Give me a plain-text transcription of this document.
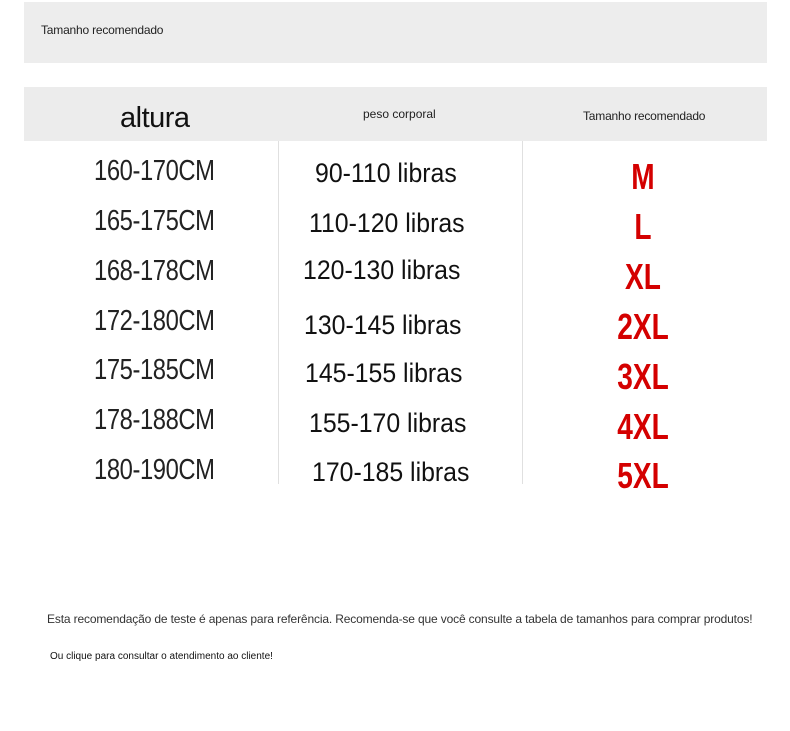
Tamanho recomendado
altura	peso corporal	Tamanho recomendado
160-170CM	90-110 libras	M
165-175CM	110-120 libras	L
168-178CM	120-130 libras	XL
172-180CM	130-145 libras	2XL
175-185CM	145-155 libras	3XL
178-188CM	155-170 libras	4XL
180-190CM	170-185 libras	5XL
Esta recomendação de teste é apenas para referência. Recomenda-se que você consulte a tabela de tamanhos para comprar produtos!
Ou clique para consultar o atendimento ao cliente!
